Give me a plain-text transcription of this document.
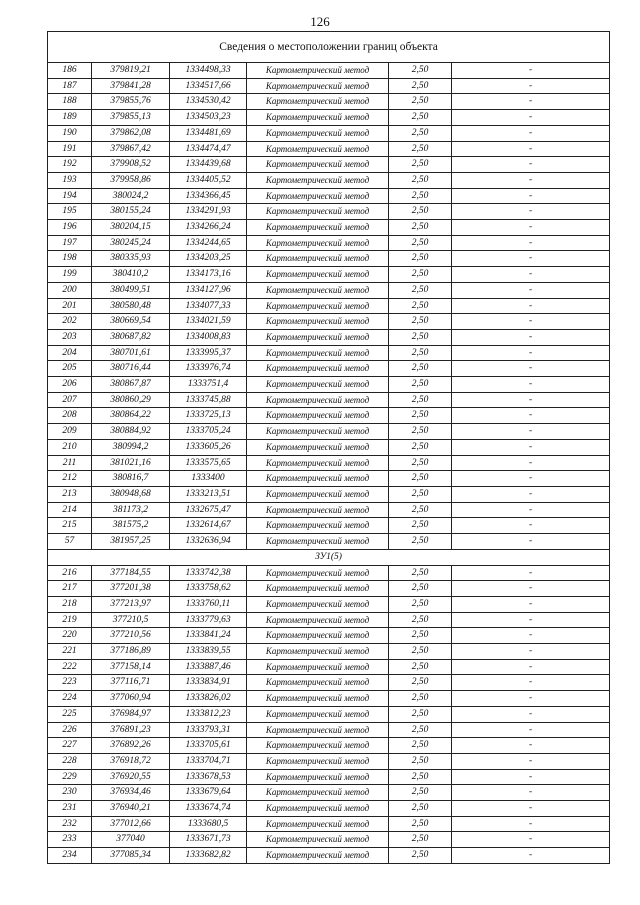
126
Сведения о местоположении границ объекта					
186	379819,21	1334498,33	Картометрический метод	2,50	-
187	379841,28	1334517,66	Картометрический метод	2,50	-
188	379855,76	1334530,42	Картометрический метод	2,50	-
189	379855,13	1334503,23	Картометрический метод	2,50	-
190	379862,08	1334481,69	Картометрический метод	2,50	-
191	379867,42	1334474,47	Картометрический метод	2,50	-
192	379908,52	1334439,68	Картометрический метод	2,50	-
193	379958,86	1334405,52	Картометрический метод	2,50	-
194	380024,2	1334366,45	Картометрический метод	2,50	-
195	380155,24	1334291,93	Картометрический метод	2,50	-
196	380204,15	1334266,24	Картометрический метод	2,50	-
197	380245,24	1334244,65	Картометрический метод	2,50	-
198	380335,93	1334203,25	Картометрический метод	2,50	-
199	380410,2	1334173,16	Картометрический метод	2,50	-
200	380499,51	1334127,96	Картометрический метод	2,50	-
201	380580,48	1334077,33	Картометрический метод	2,50	-
202	380669,54	1334021,59	Картометрический метод	2,50	-
203	380687,82	1334008,83	Картометрический метод	2,50	-
204	380701,61	1333995,37	Картометрический метод	2,50	-
205	380716,44	1333976,74	Картометрический метод	2,50	-
206	380867,87	1333751,4	Картометрический метод	2,50	-
207	380860,29	1333745,88	Картометрический метод	2,50	-
208	380864,22	1333725,13	Картометрический метод	2,50	-
209	380884,92	1333705,24	Картометрический метод	2,50	-
210	380994,2	1333605,26	Картометрический метод	2,50	-
211	381021,16	1333575,65	Картометрический метод	2,50	-
212	380816,7	1333400	Картометрический метод	2,50	-
213	380948,68	1333213,51	Картометрический метод	2,50	-
214	381173,2	1332675,47	Картометрический метод	2,50	-
215	381575,2	1332614,67	Картометрический метод	2,50	-
57	381957,25	1332636,94	Картометрический метод	2,50	-
ЗУ1(5)					
216	377184,55	1333742,38	Картометрический метод	2,50	-
217	377201,38	1333758,62	Картометрический метод	2,50	-
218	377213,97	1333760,11	Картометрический метод	2,50	-
219	377210,5	1333779,63	Картометрический метод	2,50	-
220	377210,56	1333841,24	Картометрический метод	2,50	-
221	377186,89	1333839,55	Картометрический метод	2,50	-
222	377158,14	1333887,46	Картометрический метод	2,50	-
223	377116,71	1333834,91	Картометрический метод	2,50	-
224	377060,94	1333826,02	Картометрический метод	2,50	-
225	376984,97	1333812,23	Картометрический метод	2,50	-
226	376891,23	1333793,31	Картометрический метод	2,50	-
227	376892,26	1333705,61	Картометрический метод	2,50	-
228	376918,72	1333704,71	Картометрический метод	2,50	-
229	376920,55	1333678,53	Картометрический метод	2,50	-
230	376934,46	1333679,64	Картометрический метод	2,50	-
231	376940,21	1333674,74	Картометрический метод	2,50	-
232	377012,66	1333680,5	Картометрический метод	2,50	-
233	377040	1333671,73	Картометрический метод	2,50	-
234	377085,34	1333682,82	Картометрический метод	2,50	-
